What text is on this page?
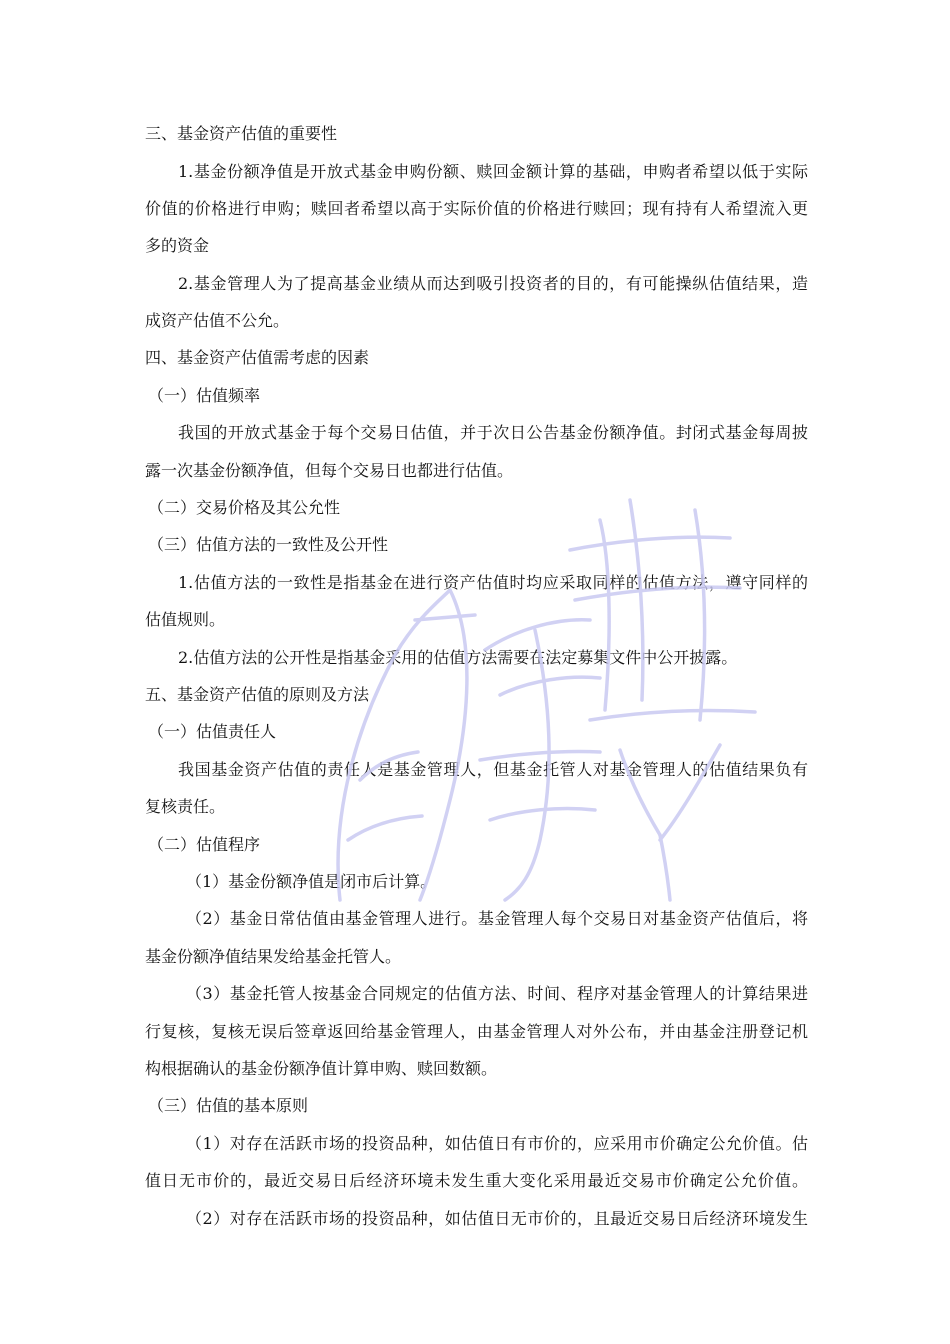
三、基金资产估值的重要性
1.基金份额净值是开放式基金申购份额、赎回金额计算的基础，申购者希望以低于实际
价值的价格进行申购；赎回者希望以高于实际价值的价格进行赎回；现有持有人希望流入更
多的资金
2.基金管理人为了提高基金业绩从而达到吸引投资者的目的，有可能操纵估值结果，造
成资产估值不公允。
四、基金资产估值需考虑的因素
（一）估值频率
我国的开放式基金于每个交易日估值，并于次日公告基金份额净值。封闭式基金每周披
露一次基金份额净值，但每个交易日也都进行估值。
（二）交易价格及其公允性
（三）估值方法的一致性及公开性
1.估值方法的一致性是指基金在进行资产估值时均应采取同样的估值方法，遵守同样的
估值规则。
2.估值方法的公开性是指基金采用的估值方法需要在法定募集文件中公开披露。
五、基金资产估值的原则及方法
（一）估值责任人
我国基金资产估值的责任人是基金管理人，但基金托管人对基金管理人的估值结果负有
复核责任。
（二）估值程序
（1）基金份额净值是闭市后计算。
（2）基金日常估值由基金管理人进行。基金管理人每个交易日对基金资产估值后，将
基金份额净值结果发给基金托管人。
（3）基金托管人按基金合同规定的估值方法、时间、程序对基金管理人的计算结果进
行复核，复核无误后签章返回给基金管理人，由基金管理人对外公布，并由基金注册登记机
构根据确认的基金份额净值计算申购、赎回数额。
（三）估值的基本原则
（1）对存在活跃市场的投资品种，如估值日有市价的，应采用市价确定公允价值。估
值日无市价的，最近交易日后经济环境未发生重大变化采用最近交易市价确定公允价值。
（2）对存在活跃市场的投资品种，如估值日无市价的，且最近交易日后经济环境发生
